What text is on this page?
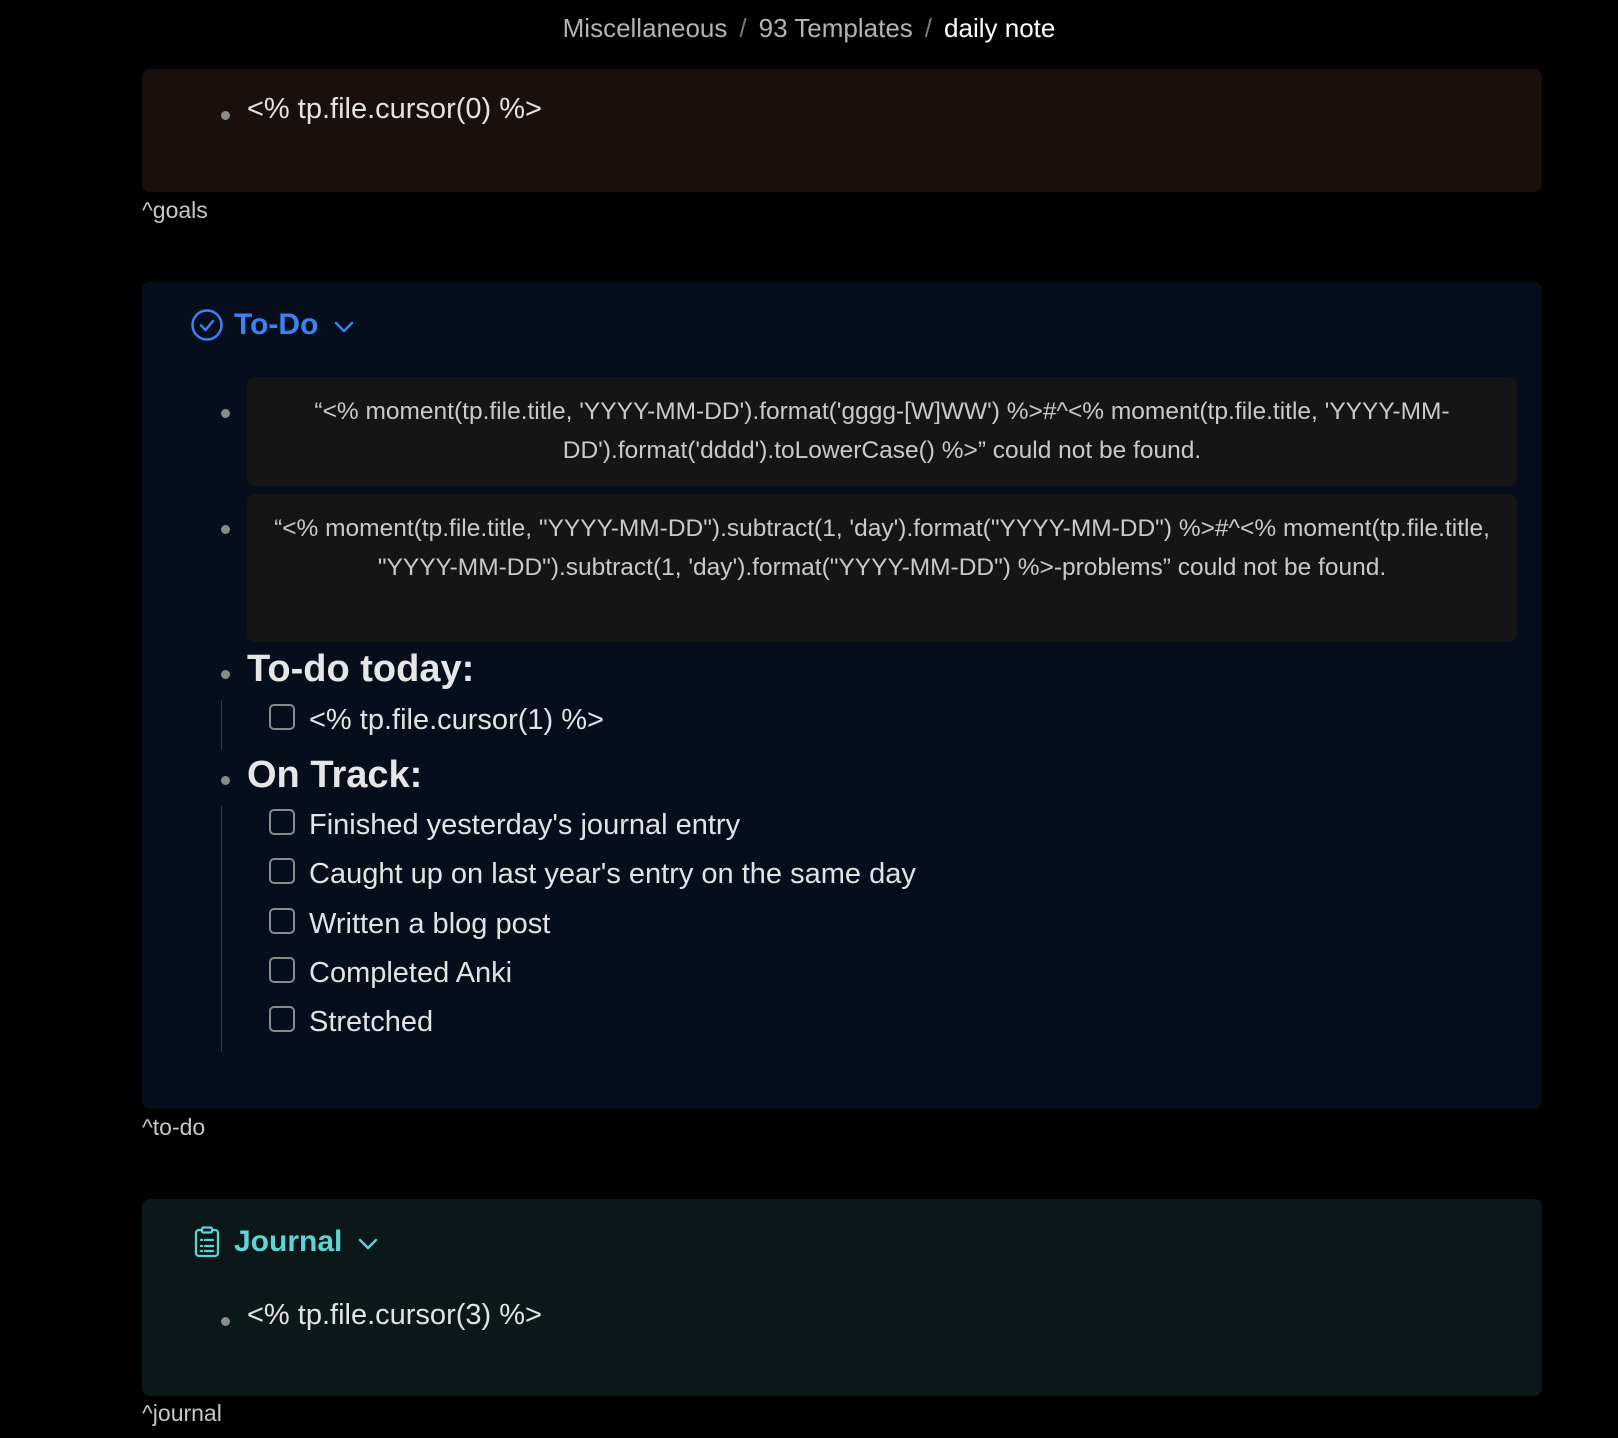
Miscellaneous / 93 Templates / daily note
<% tp.file.cursor(0) %>
^goals
To-Do
“<% moment(tp.file.title, 'YYYY-MM-DD').format('gggg-[W]WW') %>#^<% moment(tp.file.title, 'YYYY-MM-DD').format('dddd').toLowerCase() %>” could not be found.
“<% moment(tp.file.title, "YYYY-MM-DD").subtract(1, 'day').format("YYYY-MM-DD") %>#^<% moment(tp.file.title, "YYYY-MM-DD").subtract(1, 'day').format("YYYY-MM-DD") %>-problems” could not be found.
To-do today:
<% tp.file.cursor(1) %>
On Track:
Finished yesterday's journal entry
Caught up on last year's entry on the same day
Written a blog post
Completed Anki
Stretched
^to-do
Journal
<% tp.file.cursor(3) %>
^journal
